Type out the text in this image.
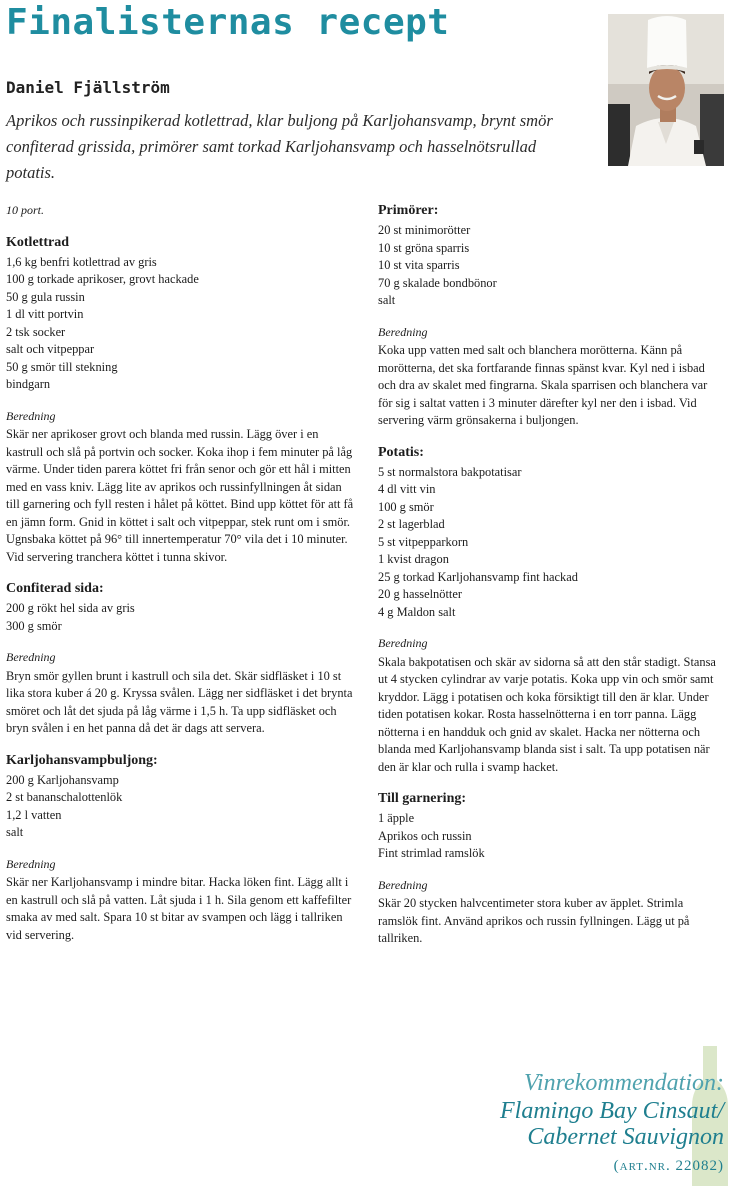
Finalisternas recept
Daniel Fjällström
Aprikos och russinpikerad kotlettrad, klar buljong på Karljohansvamp, brynt smör confiterad grissida, primörer samt torkad Karljohansvamp och hasselnötsrullad potatis.

10 port.

Kotlettrad

1,6 kg benfri kotlettrad av gris
100 g torkade aprikoser, grovt hackade
50 g gula russin
1 dl vitt portvin
2 tsk socker
salt och vitpeppar
50 g smör till stekning
bindgarn

Beredning

Skär ner aprikoser grovt och blanda med russin. Lägg över i en kastrull och slå på portvin och socker. Koka ihop i fem minuter på låg värme. Under tiden parera köttet fri från senor och gör ett hål i mitten med en vass kniv. Lägg lite av aprikos och russinfyllningen åt sidan till garnering och fyll resten i hålet på köttet. Bind upp köttet för att få en jämn form. Gnid in köttet i salt och vitpeppar, stek runt om i smör. Ugnsbaka köttet på 96° till innertemperatur 70° vila det i 10 minuter. Vid servering tranchera köttet i tunna skivor.

Confiterad sida:

200 g rökt hel sida av gris
300 g smör

Beredning

Bryn smör gyllen brunt i kastrull och sila det. Skär sidfläsket i 10 st lika stora kuber á 20 g. Kryssa svålen. Lägg ner sidfläsket i det brynta smöret och låt det sjuda på låg värme i 1,5 h. Ta upp sidfläsket och bryn svålen i en het panna då det är dags att servera.

Karljohansvampbuljong:

200 g Karljohansvamp
2 st bananschalottenlök
1,2 l vatten
salt

Beredning

Skär ner Karljohansvamp i mindre bitar. Hacka löken fint. Lägg allt i en kastrull och slå på vatten. Låt sjuda i 1 h. Sila genom ett kaffefilter smaka av med salt. Spara 10 st bitar av svampen och lägg i tallriken vid servering.

Primörer:

20 st minimorötter
10 st gröna sparris
10 st vita sparris
70 g skalade bondbönor
salt

Beredning

Koka upp vatten med salt och blanchera morötterna. Känn på morötterna, det ska fortfarande finnas spänst kvar. Kyl ned i isbad och dra av skalet med fingrarna. Skala sparrisen och blanchera var för sig i saltat vatten i 3 minuter därefter kyl ner den i isbad. Vid servering värm grönsakerna i buljongen.

Potatis:

5 st normalstora bakpotatisar
4 dl vitt vin
100 g smör
2 st lagerblad
5 st vitpepparkorn
1 kvist dragon
25 g torkad Karljohansvamp fint hackad
20 g hasselnötter
4 g Maldon salt

Beredning

Skala bakpotatisen och skär av sidorna så att den står stadigt. Stansa ut 4 stycken cylindrar av varje potatis. Koka upp vin och smör samt kryddor. Lägg i potatisen och koka försiktigt till den är klar. Under tiden potatisen kokar. Rosta hasselnötterna i en torr panna. Lägg nötterna i en handduk och gnid av skalet. Hacka ner nötterna och blanda med Karljohansvamp blanda sist i salt. Ta upp potatisen när den är klar och rulla i svamp hacket.

Till garnering:

1 äpple
Aprikos och russin
Fint strimlad ramslök

Beredning

Skär 20 stycken halvcentimeter stora kuber av äpplet. Strimla ramslök fint. Använd aprikos och russin fyllningen. Lägg ut på tallriken.

Vinrekommendation:
Flamingo Bay Cinsaut/
Cabernet Sauvignon
(art.nr. 22082)
